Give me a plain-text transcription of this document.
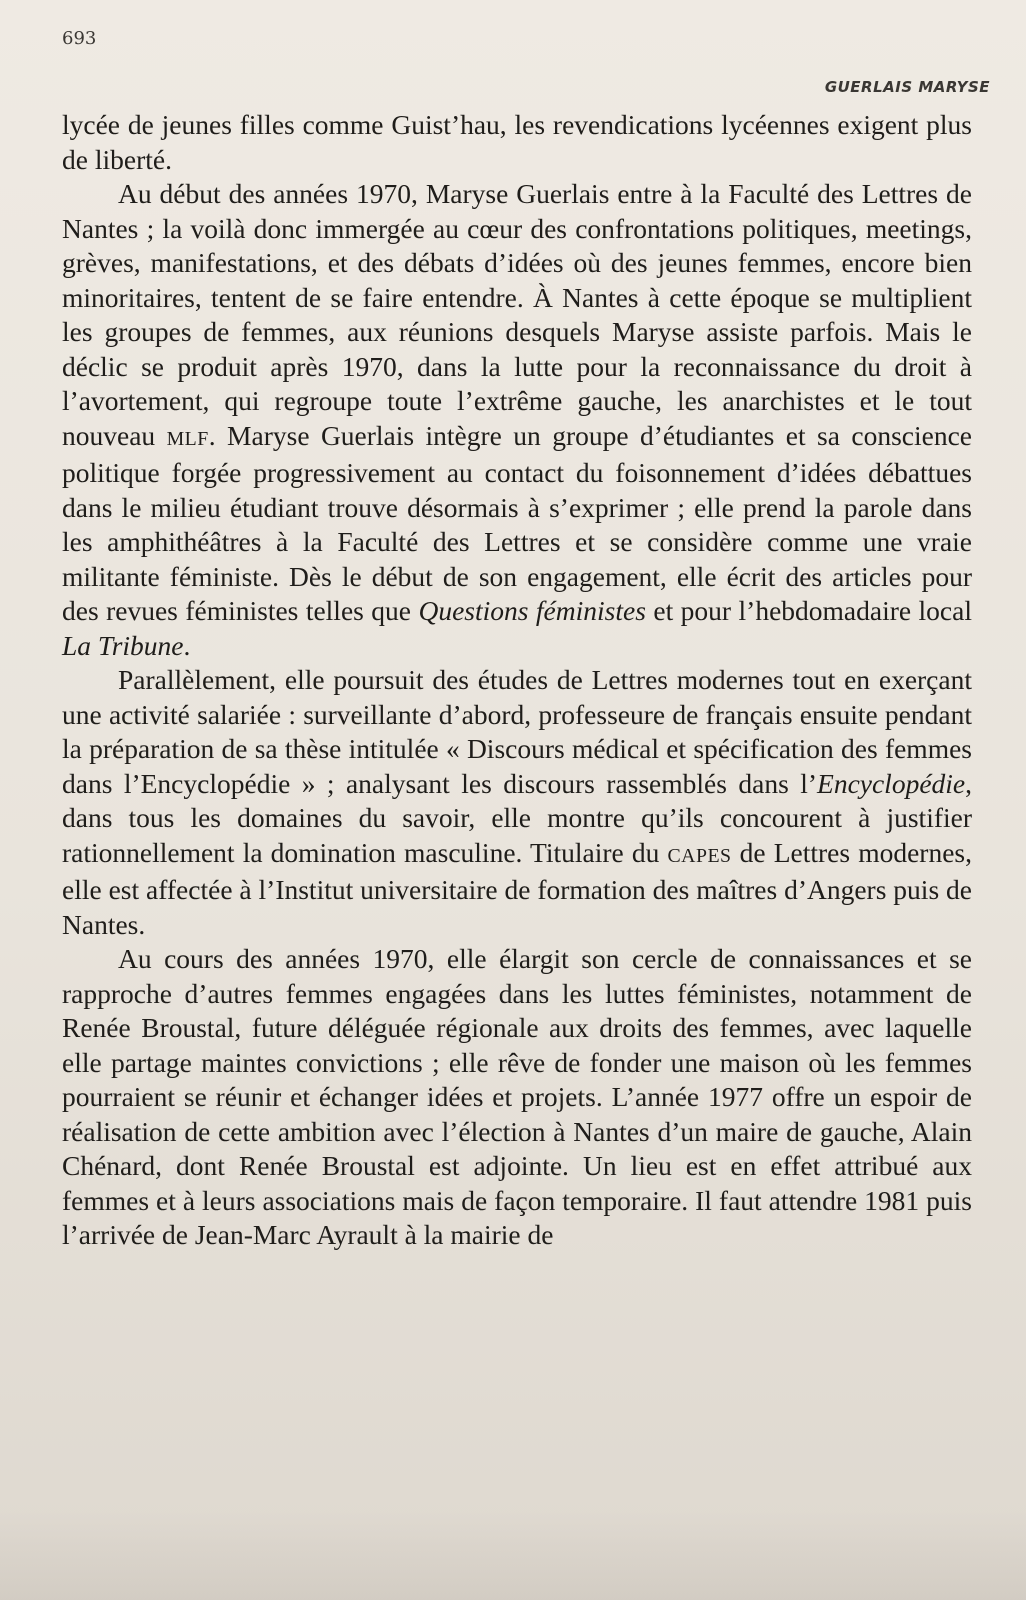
693
GUERLAIS MARYSE

lycée de jeunes filles comme Guist’hau, les revendications lycéennes exigent plus de liberté.

Au début des années 1970, Maryse Guerlais entre à la Faculté des Lettres de Nantes ; la voilà donc immergée au cœur des confrontations politiques, meetings, grèves, manifestations, et des débats d’idées où des jeunes femmes, encore bien minoritaires, tentent de se faire entendre. À Nantes à cette époque se multiplient les groupes de femmes, aux réunions desquels Maryse assiste parfois. Mais le déclic se produit après 1970, dans la lutte pour la reconnaissance du droit à l’avortement, qui regroupe toute l’extrême gauche, les anarchistes et le tout nouveau MLF. Maryse Guerlais intègre un groupe d’étudiantes et sa conscience politique forgée progressivement au contact du foisonnement d’idées débattues dans le milieu étudiant trouve désormais à s’exprimer ; elle prend la parole dans les amphithéâtres à la Faculté des Lettres et se considère comme une vraie militante féministe. Dès le début de son engagement, elle écrit des articles pour des revues féministes telles que Questions féministes et pour l’hebdomadaire local La Tribune.

Parallèlement, elle poursuit des études de Lettres modernes tout en exerçant une activité salariée : surveillante d’abord, professeure de français ensuite pendant la préparation de sa thèse intitulée « Discours médical et spécification des femmes dans l’Encyclopédie » ; analysant les discours rassemblés dans l’Encyclopédie, dans tous les domaines du savoir, elle montre qu’ils concourent à justifier rationnellement la domination masculine. Titulaire du CAPES de Lettres modernes, elle est affectée à l’Institut universitaire de formation des maîtres d’Angers puis de Nantes.

Au cours des années 1970, elle élargit son cercle de connaissances et se rapproche d’autres femmes engagées dans les luttes féministes, notamment de Renée Broustal, future déléguée régionale aux droits des femmes, avec laquelle elle partage maintes convictions ; elle rêve de fonder une maison où les femmes pourraient se réunir et échanger idées et projets. L’année 1977 offre un espoir de réalisation de cette ambition avec l’élection à Nantes d’un maire de gauche, Alain Chénard, dont Renée Broustal est adjointe. Un lieu est en effet attribué aux femmes et à leurs associations mais de façon temporaire. Il faut attendre 1981 puis l’arrivée de Jean-Marc Ayrault à la mairie de
